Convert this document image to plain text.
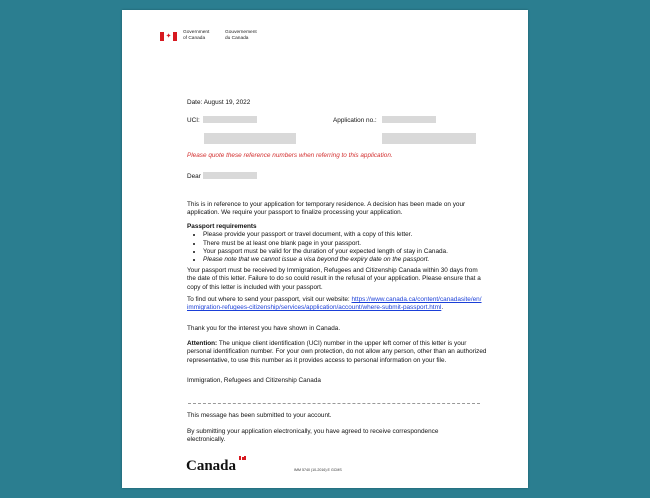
✦
Government
of Canada
Gouvernement
du Canada
Date: August 19, 2022
UCI:	Application no.:
Please quote these reference numbers when referring to this application.
Dear
This is in reference to your application for temporary residence. A decision has been made on your application. We require your passport to finalize processing your application.
Passport requirements
• Please provide your passport or travel document, with a copy of this letter.
• There must be at least one blank page in your passport.
• Your passport must be valid for the duration of your expected length of stay in Canada.
• Please note that we cannot issue a visa beyond the expiry date on the passport.
Your passport must be received by Immigration, Refugees and Citizenship Canada within 30 days from the date of this letter. Failure to do so could result in the refusal of your application. Please ensure that a copy of this letter is included with your passport.
To find out where to send your passport, visit our website: https://www.canada.ca/content/canadasite/en/immigration-refugees-citizenship/services/application/account/where-submit-passport.html.
Thank you for the interest you have shown in Canada.
Attention: The unique client identification (UCI) number in the upper left corner of this letter is your personal identification number. For your own protection, do not allow any person, other than an authorized representative, to use this number as it provides access to personal information on your file.
Immigration, Refugees and Citizenship Canada
This message has been submitted to your account.
By submitting your application electronically, you have agreed to receive correspondence electronically.
Canada	IMM 5740 (10-2016) E GCMS
